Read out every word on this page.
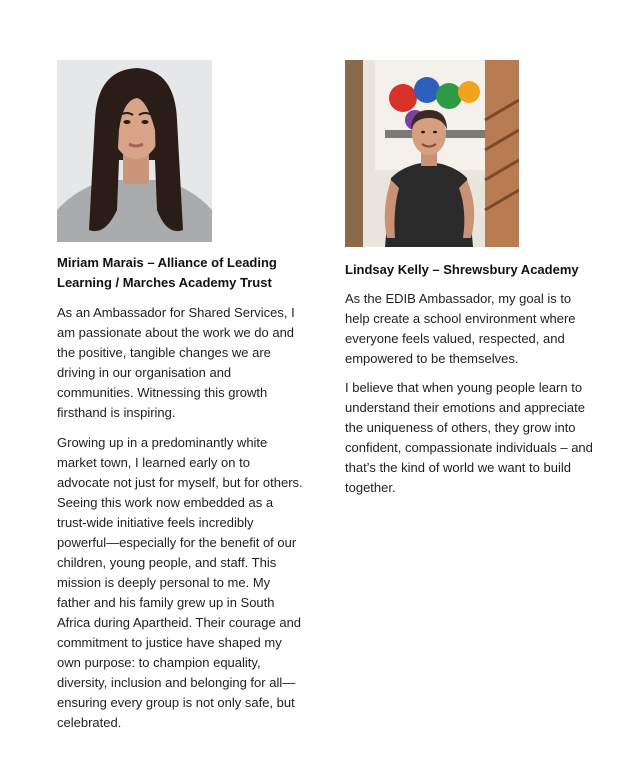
Miriam Marais – Alliance of Leading Learning / Marches Academy Trust

As an Ambassador for Shared Services, I am passionate about the work we do and the positive, tangible changes we are driving in our organisation and communities. Witnessing this growth firsthand is inspiring.

Growing up in a predominantly white market town, I learned early on to advocate not just for myself, but for others. Seeing this work now embedded as a trust-wide initiative feels incredibly powerful—especially for the benefit of our children, young people, and staff. This mission is deeply personal to me. My father and his family grew up in South Africa during Apartheid. Their courage and commitment to justice have shaped my own purpose: to champion equality, diversity, inclusion and belonging for all—ensuring every group is not only safe, but celebrated.

Lindsay Kelly – Shrewsbury Academy

As the EDIB Ambassador, my goal is to help create a school environment where everyone feels valued, respected, and empowered to be themselves.

I believe that when young people learn to understand their emotions and appreciate the uniqueness of others, they grow into confident, compassionate individuals – and that’s the kind of world we want to build together.
